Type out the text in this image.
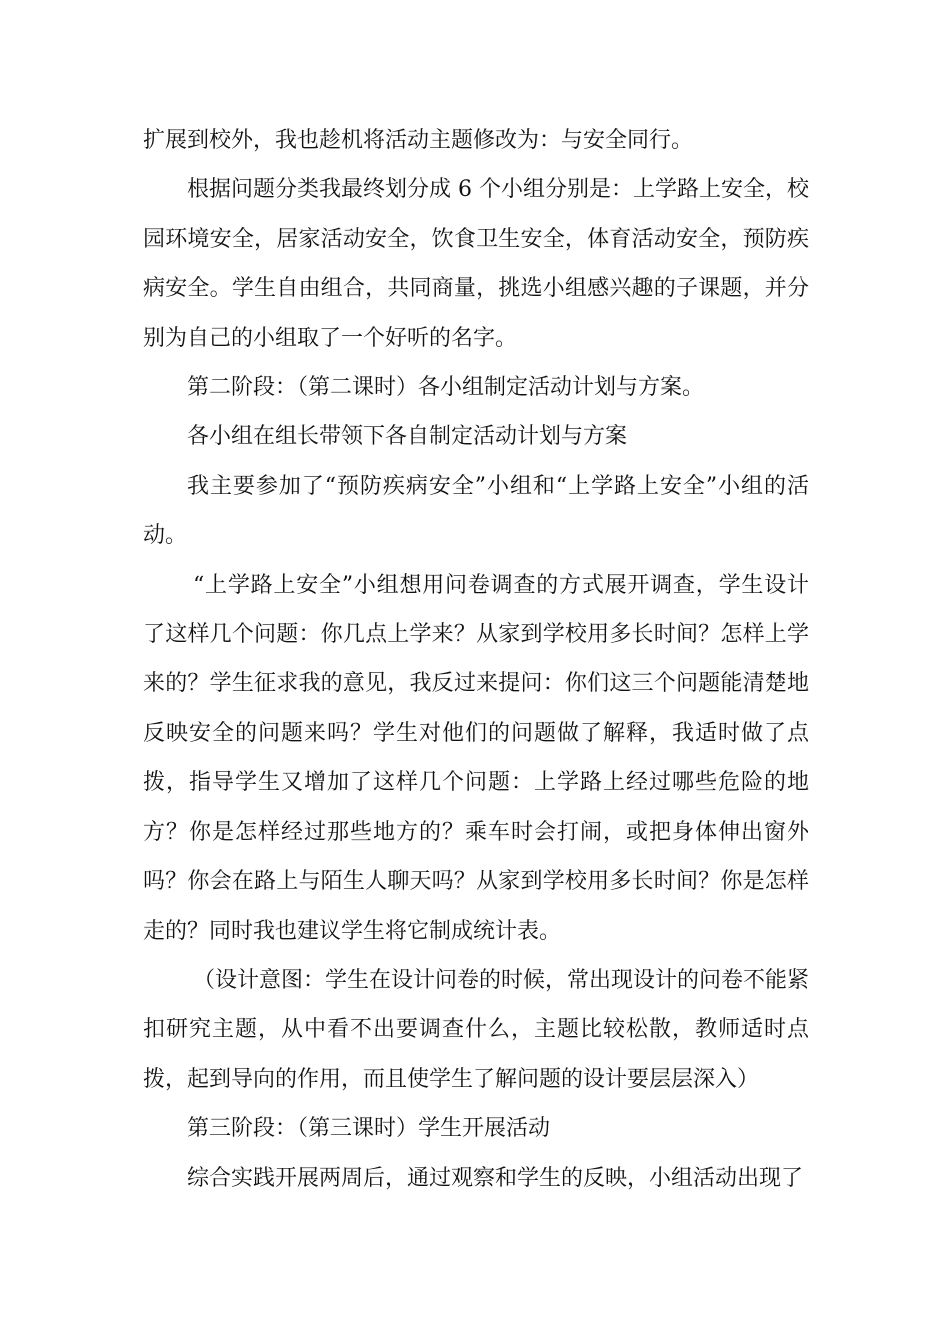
扩展到校外，我也趁机将活动主题修改为：与安全同行。

根据问题分类我最终划分成 6 个小组分别是：上学路上安全，校园环境安全，居家活动安全，饮食卫生安全，体育活动安全，预防疾病安全。学生自由组合，共同商量，挑选小组感兴趣的子课题，并分别为自己的小组取了一个好听的名字。

第二阶段：（第二课时）各小组制定活动计划与方案。

各小组在组长带领下各自制定活动计划与方案

我主要参加了“预防疾病安全”小组和“上学路上安全”小组的活动。

“上学路上安全”小组想用问卷调查的方式展开调查，学生设计了这样几个问题：你几点上学来？从家到学校用多长时间？怎样上学来的？学生征求我的意见，我反过来提问：你们这三个问题能清楚地反映安全的问题来吗？学生对他们的问题做了解释，我适时做了点拨，指导学生又增加了这样几个问题：上学路上经过哪些危险的地方？你是怎样经过那些地方的？乘车时会打闹，或把身体伸出窗外吗？你会在路上与陌生人聊天吗？从家到学校用多长时间？你是怎样走的？同时我也建议学生将它制成统计表。

（设计意图：学生在设计问卷的时候，常出现设计的问卷不能紧扣研究主题，从中看不出要调查什么，主题比较松散，教师适时点拨，起到导向的作用，而且使学生了解问题的设计要层层深入）

第三阶段：（第三课时）学生开展活动

综合实践开展两周后，通过观察和学生的反映，小组活动出现了
